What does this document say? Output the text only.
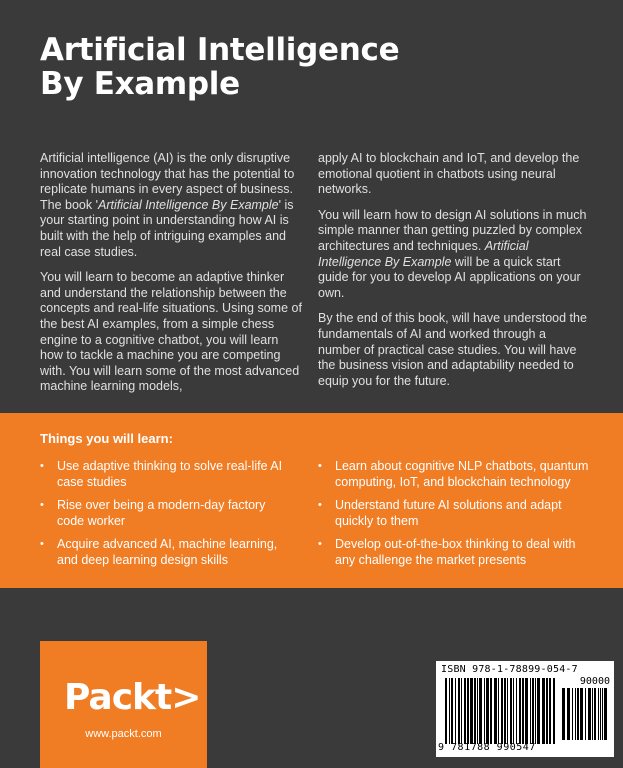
Artificial Intelligence
By Example

Artificial intelligence (AI) is the only disruptive innovation technology that has the potential to replicate humans in every aspect of business. The book 'Artificial Intelligence By Example' is your starting point in understanding how AI is built with the help of intriguing examples and real case studies.

You will learn to become an adaptive thinker and understand the relationship between the concepts and real-life situations. Using some of the best AI examples, from a simple chess engine to a cognitive chatbot, you will learn how to tackle a machine you are competing with. You will learn some of the most advanced machine learning models,

apply AI to blockchain and IoT, and develop the emotional quotient in chatbots using neural networks.

You will learn how to design AI solutions in much simple manner than getting puzzled by complex architectures and techniques. Artificial Intelligence By Example will be a quick start guide for you to develop AI applications on your own.

By the end of this book, will have understood the fundamentals of AI and worked through a number of practical case studies. You will have the business vision and adaptability needed to equip you for the future.

Things you will learn:
• Use adaptive thinking to solve real-life AI case studies
• Rise over being a modern-day factory code worker
• Acquire advanced AI, machine learning, and deep learning design skills
• Learn about cognitive NLP chatbots, quantum computing, IoT, and blockchain technology
• Understand future AI solutions and adapt quickly to them
• Develop out-of-the-box thinking to deal with any challenge the market presents
Packt>
www.packt.com
ISBN 978-1-78899-054-7
90000
9 781788 990547
